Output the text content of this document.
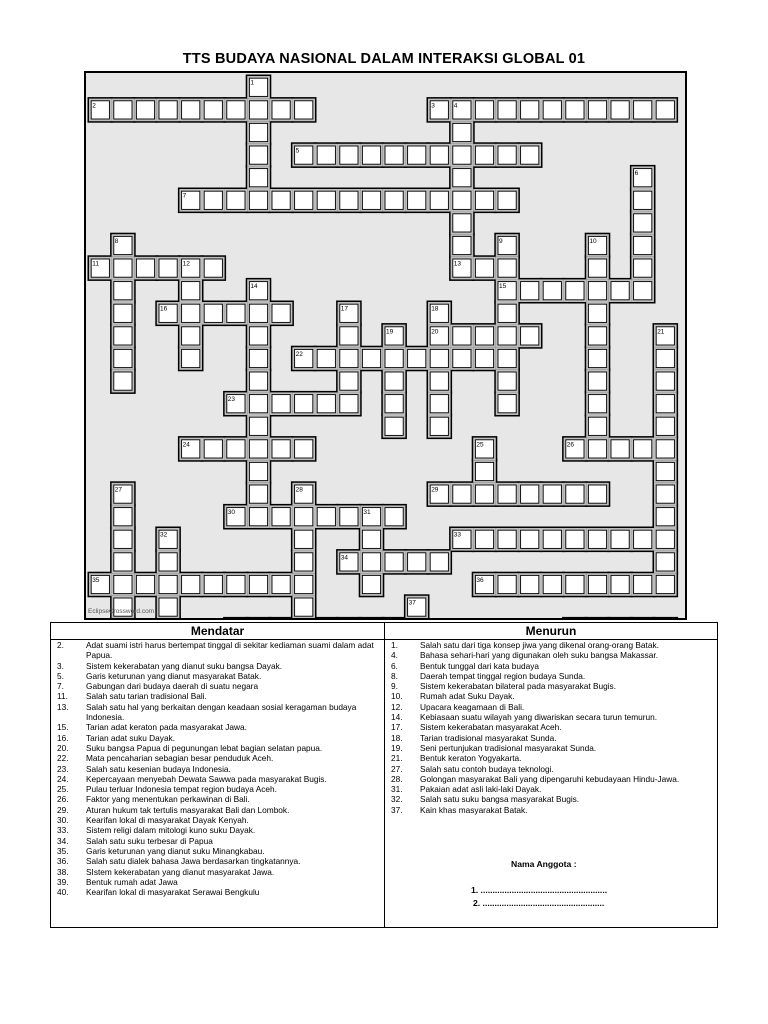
TTS BUDAYA NASIONAL DALAM INTERAKSI GLOBAL 01
1
2	3	4
5
6
7
8	9	10
11	12	13
14	15
16	17	18
19	20	21
22
23
24	25	26
27	28	29
30	31
32	33
34
35	36
37
EclipseCrossword.com
Mendatar	Menurun
2.	Adat suami istri harus bertempat tinggal di sekitar kediaman suami dalam adat Papua.
3.	Sistem kekerabatan yang dianut suku bangsa Dayak.
5.	Garis keturunan yang dianut masyarakat Batak.
7.	Gabungan dari budaya daerah di suatu negara
11. Salah satu tarian tradisional Bali.
13. Salah satu hal yang berkaitan dengan keadaan sosial keragaman budaya Indonesia.
15. Tarian adat keraton pada masyarakat Jawa.
16. Tarian adat suku Dayak.
20. Suku bangsa Papua di pegunungan lebat bagian selatan papua.
22. Mata pencaharian sebagian besar penduduk Aceh.
23. Salah satu kesenian budaya Indonesia.
24. Kepercayaan menyebah Dewata Sawwa pada masyarakat Bugis.
25. Pulau terluar Indonesia tempat region budaya Aceh.
26. Faktor yang menentukan perkawinan di Bali.
29. Aturan hukum tak tertulis masyarakat Bali dan Lombok.
30. Kearifan lokal di masyarakat Dayak Kenyah.
33. Sistem religi dalam mitologi kuno suku Dayak.
34. Salah satu suku terbesar di Papua
35. Garis keturunan yang dianut suku Minangkabau.
36. Salah satu dialek bahasa Jawa berdasarkan tingkatannya.
38. SIstem kekerabatan yang dianut masyarakat Jawa.
39. Bentuk rumah adat Jawa
40. Kearifan lokal di masyarakat Serawai Bengkulu
1.	Salah satu dari tiga konsep jiwa yang dikenal orang-orang Batak.
4.	Bahasa sehari-hari yang digunakan oleh suku bangsa Makassar.
6.	Bentuk tunggal dari kata budaya
8.	Daerah tempat tinggal region budaya Sunda.
9.	Sistem kekerabatan bilateral pada masyarakat Bugis.
10. Rumah adat Suku Dayak.
12. Upacara keagamaan di Bali.
14. Kebiasaan suatu wilayah yang diwariskan secara turun temurun.
17. Sistem kekerabatan masyarakat Aceh.
18. Tarian tradisional masyarakat Sunda.
19. Seni pertunjukan tradisional masyarakat Sunda.
21. Bentuk keraton Yogyakarta.
27. Salah satu contoh budaya teknologi.
28. Golongan masyarakat Bali yang dipengaruhi kebudayaan Hindu-Jawa.
31. Pakaian adat asli laki-laki Dayak.
32. Salah satu suku bangsa masyarakat Bugis.
37. Kain khas masyarakat Batak.
Nama Anggota :
1. .....................................................
2. ...................................................
